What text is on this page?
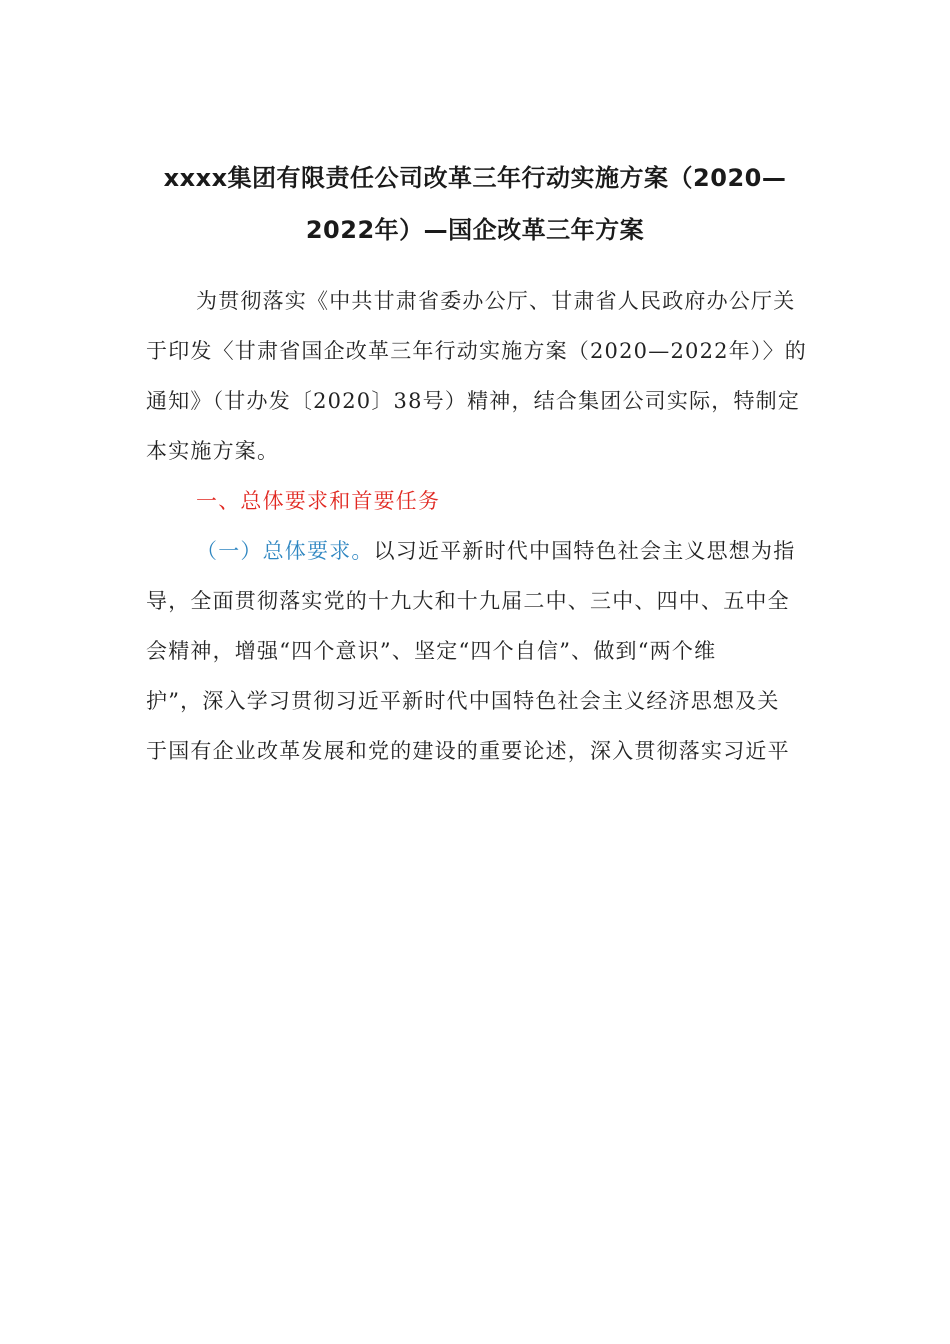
xxxx集团有限责任公司改革三年行动实施方案（2020—
2022年）—国企改革三年方案
为贯彻落实《中共甘肃省委办公厅、甘肃省人民政府办公厅关
于印发〈甘肃省国企改革三年行动实施方案（2020—2022年）〉的
通知》（甘办发〔2020〕38号）精神，结合集团公司实际，特制定
本实施方案。
一、总体要求和首要任务
（一）总体要求。以习近平新时代中国特色社会主义思想为指
导，全面贯彻落实党的十九大和十九届二中、三中、四中、五中全
会精神，增强“四个意识”、坚定“四个自信”、做到“两个维
护”，深入学习贯彻习近平新时代中国特色社会主义经济思想及关
于国有企业改革发展和党的建设的重要论述，深入贯彻落实习近平
